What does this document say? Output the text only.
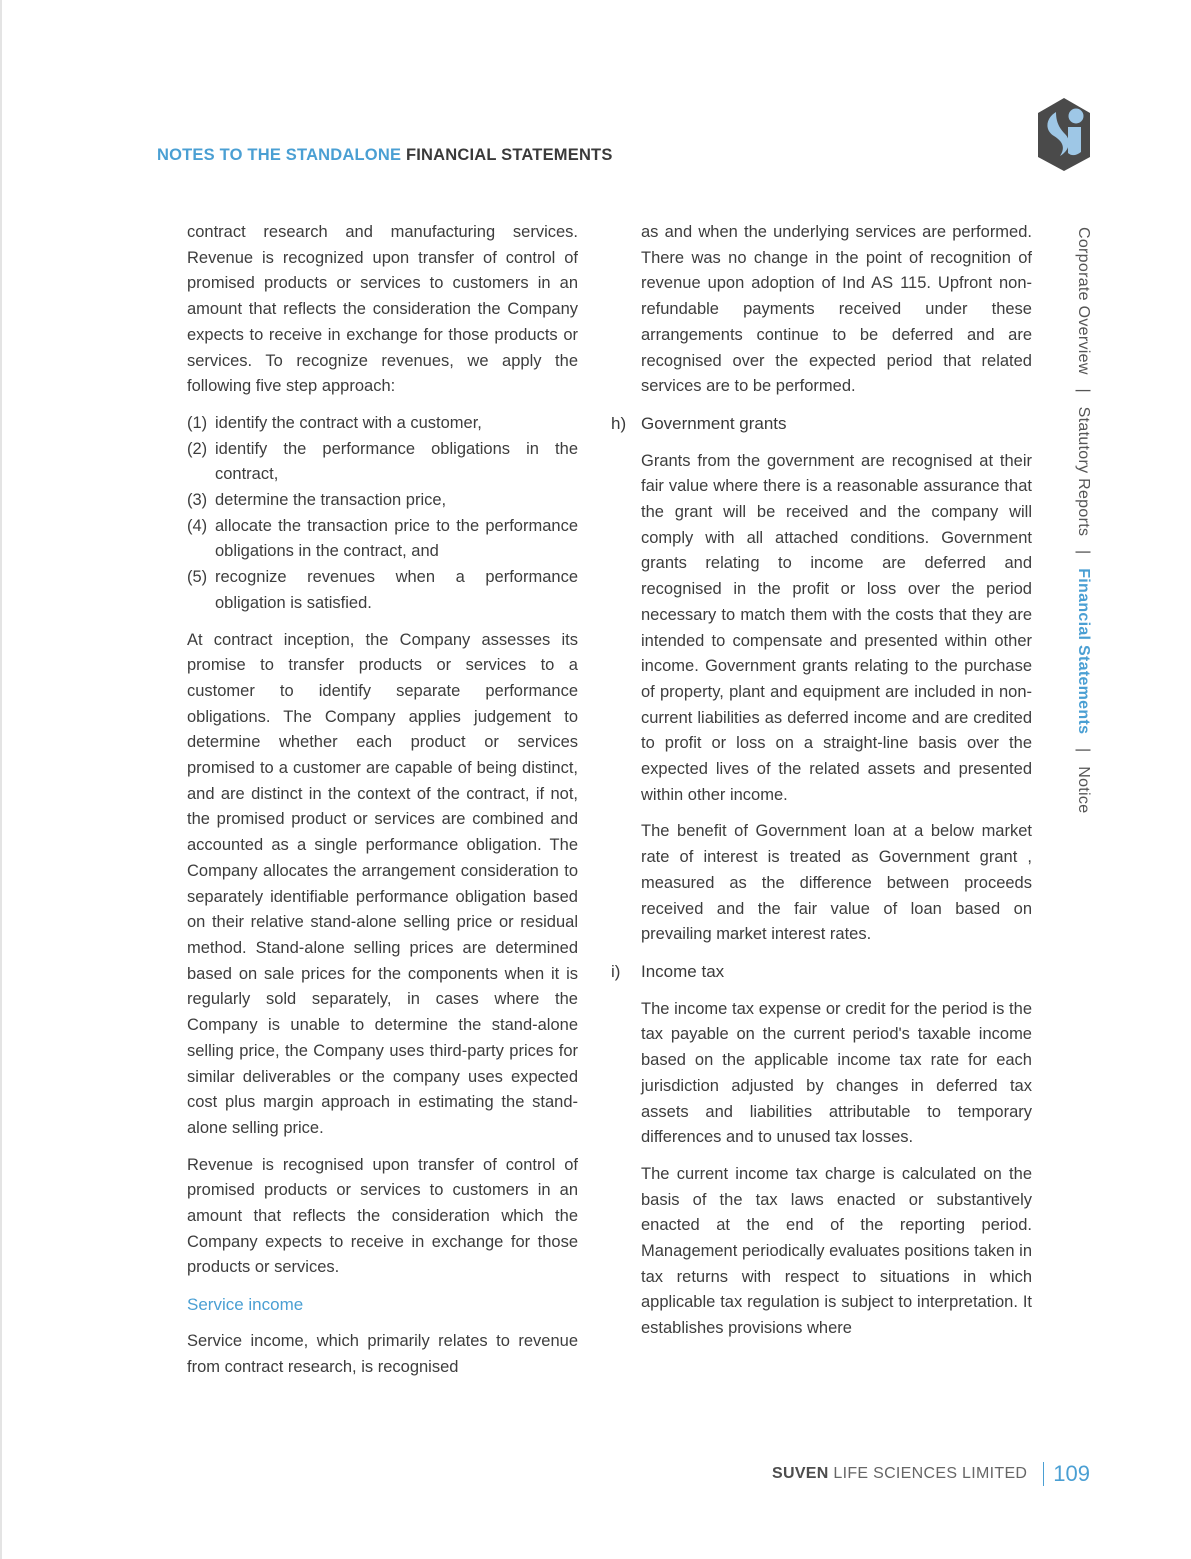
NOTES TO THE STANDALONE FINANCIAL STATEMENTS
Corporate Overview | Statutory Reports | Financial Statements | Notice

contract research and manufacturing services. Revenue is recognized upon transfer of control of promised products or services to customers in an amount that reflects the consideration the Company expects to receive in exchange for those products or services. To recognize revenues, we apply the following five step approach:

(1) identify the contract with a customer,
(2) identify the performance obligations in the contract,
(3) determine the transaction price,
(4) allocate the transaction price to the performance obligations in the contract, and
(5) recognize revenues when a performance obligation is satisfied.

At contract inception, the Company assesses its promise to transfer products or services to a customer to identify separate performance obligations. The Company applies judgement to determine whether each product or services promised to a customer are capable of being distinct, and are distinct in the context of the contract, if not, the promised product or services are combined and accounted as a single performance obligation. The Company allocates the arrangement consideration to separately identifiable performance obligation based on their relative stand-alone selling price or residual method. Stand-alone selling prices are determined based on sale prices for the components when it is regularly sold separately, in cases where the Company is unable to determine the stand-alone selling price, the Company uses third-party prices for similar deliverables or the company uses expected cost plus margin approach in estimating the stand-alone selling price.

Revenue is recognised upon transfer of control of promised products or services to customers in an amount that reflects the consideration which the Company expects to receive in exchange for those products or services.

Service income

Service income, which primarily relates to revenue from contract research, is recognised

as and when the underlying services are performed. There was no change in the point of recognition of revenue upon adoption of Ind AS 115. Upfront non-refundable payments received under these arrangements continue to be deferred and are recognised over the expected period that related services are to be performed.

h) Government grants

Grants from the government are recognised at their fair value where there is a reasonable assurance that the grant will be received and the company will comply with all attached conditions. Government grants relating to income are deferred and recognised in the profit or loss over the period necessary to match them with the costs that they are intended to compensate and presented within other income. Government grants relating to the purchase of property, plant and equipment are included in non-current liabilities as deferred income and are credited to profit or loss on a straight-line basis over the expected lives of the related assets and presented within other income.

The benefit of Government loan at a below market rate of interest is treated as Government grant , measured as the difference between proceeds received and the fair value of loan based on prevailing market interest rates.

i) Income tax

The income tax expense or credit for the period is the tax payable on the current period's taxable income based on the applicable income tax rate for each jurisdiction adjusted by changes in deferred tax assets and liabilities attributable to temporary differences and to unused tax losses.

The current income tax charge is calculated on the basis of the tax laws enacted or substantively enacted at the end of the reporting period. Management periodically evaluates positions taken in tax returns with respect to situations in which applicable tax regulation is subject to interpretation. It establishes provisions where

SUVEN LIFE SCIENCES LIMITED 109
